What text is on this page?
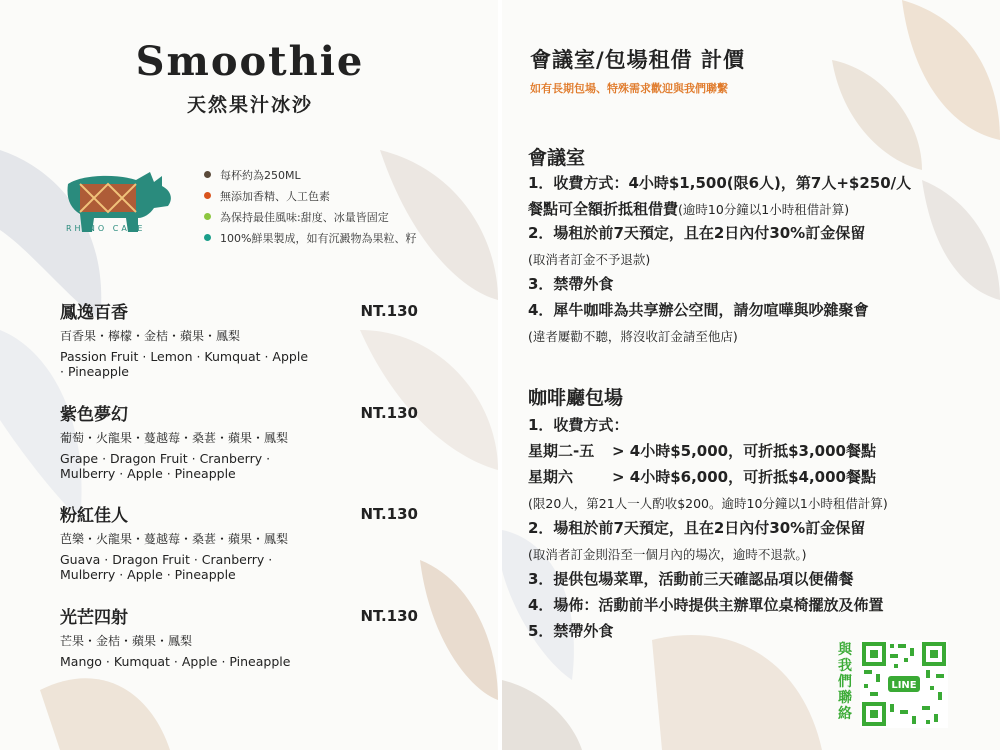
Smoothie
天然果汁冰沙
RHINO CAFE
每杯約為250ML
無添加香精、人工色素
為保持最佳風味:甜度、冰量皆固定
100%鮮果製成，如有沉澱物為果粒、籽
鳳逸百香	NT.130
百香果・檸檬・金桔・蘋果・鳳梨
Passion Fruit · Lemon · Kumquat · Apple · Pineapple
紫色夢幻	NT.130
葡萄・火龍果・蔓越莓・桑葚・蘋果・鳳梨
Grape · Dragon Fruit · Cranberry · Mulberry · Apple · Pineapple
粉紅佳人	NT.130
芭樂・火龍果・蔓越莓・桑葚・蘋果・鳳梨
Guava · Dragon Fruit · Cranberry · Mulberry · Apple · Pineapple
光芒四射	NT.130
芒果・金桔・蘋果・鳳梨
Mango · Kumquat · Apple · Pineapple
會議室/包場租借 計價
如有長期包場、特殊需求歡迎與我們聯繫
會議室
1．收費方式：4小時$1,500(限6人)，第7人+$250/人
餐點可全額折抵租借費(逾時10分鐘以1小時租借計算)
2．場租於前7天預定，且在2日內付30%訂金保留
(取消者訂金不予退款)
3．禁帶外食
4．犀牛咖啡為共享辦公空間，請勿喧嘩與吵雜聚會
(違者屢勸不聽，將沒收訂金請至他店)
咖啡廳包場
1．收費方式：
星期二-五 > 4小時$5,000，可折抵$3,000餐點
星期六	> 4小時$6,000，可折抵$4,000餐點
(限20人，第21人一人酌收$200。逾時10分鐘以1小時租借計算)
2．場租於前7天預定，且在2日內付30%訂金保留
(取消者訂金則沿至一個月內的場次，逾時不退款。)
3．提供包場菜單，活動前三天確認品項以便備餐
4．場佈：活動前半小時提供主辦單位桌椅擺放及佈置
5．禁帶外食
與我們聯絡
LINE
